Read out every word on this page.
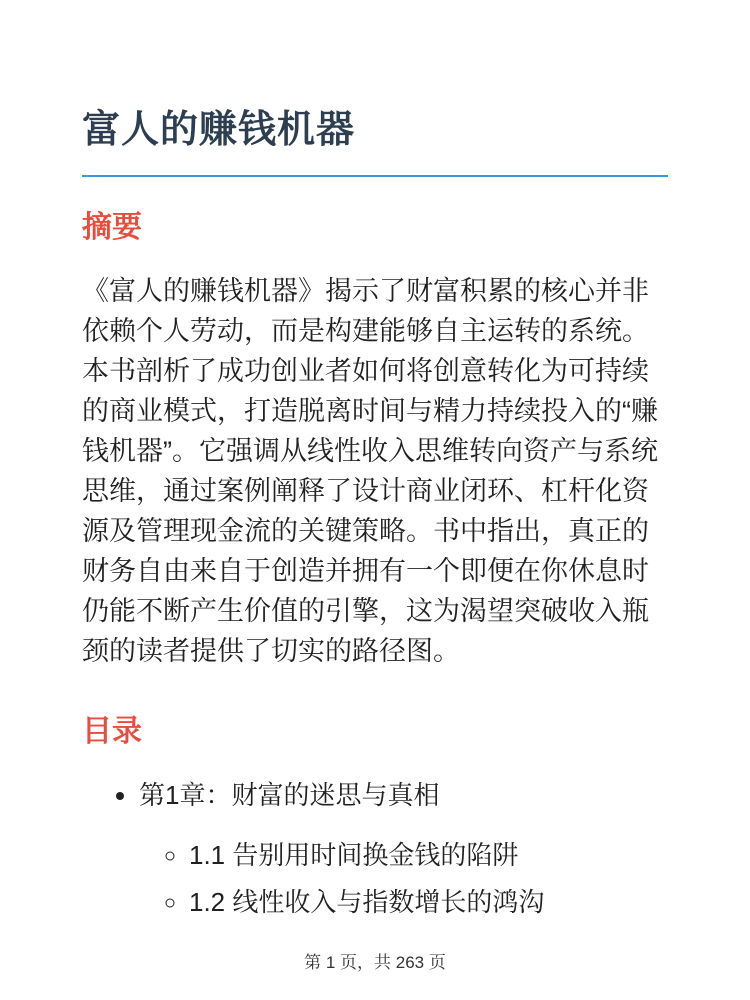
富人的赚钱机器
摘要

《富人的赚钱机器》揭示了财富积累的核心并非依赖个人劳动，而是构建能够自主运转的系统。本书剖析了成功创业者如何将创意转化为可持续的商业模式，打造脱离时间与精力持续投入的“赚钱机器”。它强调从线性收入思维转向资产与系统思维，通过案例阐释了设计商业闭环、杠杆化资源及管理现金流的关键策略。书中指出，真正的财务自由来自于创造并拥有一个即便在你休息时仍能不断产生价值的引擎，这为渴望突破收入瓶颈的读者提供了切实的路径图。

目录
• 第1章：财富的迷思与真相
◦ 1.1 告别用时间换金钱的陷阱
◦ 1.2 线性收入与指数增长的鸿沟
第 1 页，共 263 页
